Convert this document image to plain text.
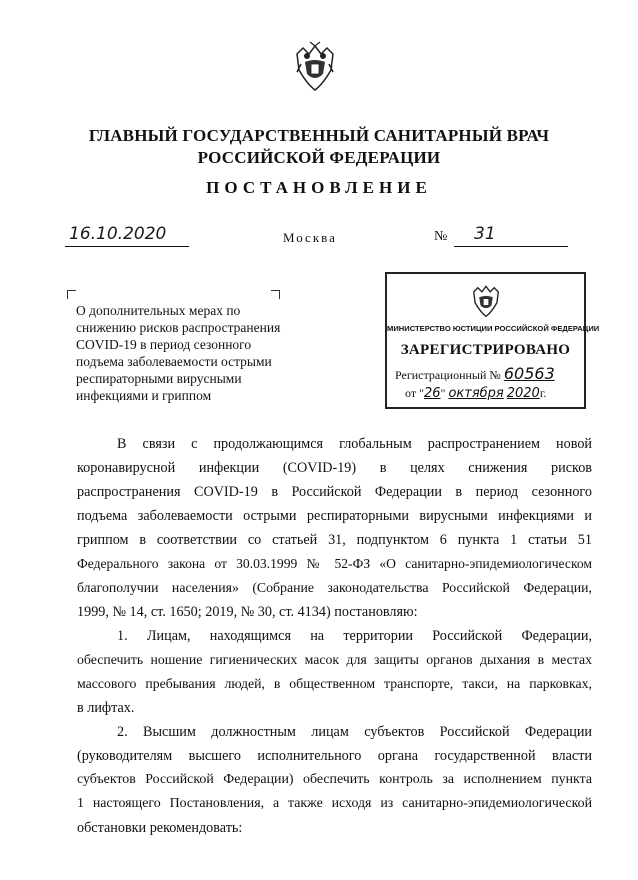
ГЛАВНЫЙ ГОСУДАРСТВЕННЫЙ САНИТАРНЫЙ ВРАЧ
РОССИЙСКОЙ ФЕДЕРАЦИИ
ПОСТАНОВЛЕНИЕ
16.10.2020	Москва	№ 31
О дополнительных мерах по
снижению рисков распространения
COVID-19 в период сезонного
подъема заболеваемости острыми
респираторными вирусными
инфекциями и гриппом
МИНИСТЕРСТВО ЮСТИЦИИ РОССИЙСКОЙ ФЕДЕРАЦИИ
ЗАРЕГИСТРИРОВАНО
Регистрационный № 60563
от "26" октября 2020г.
В связи с продолжающимся глобальным распространением новой
коронавирусной инфекции (COVID-19) в целях снижения рисков
распространения COVID-19 в Российской Федерации в период сезонного
подъема заболеваемости острыми респираторными вирусными инфекциями и
гриппом в соответствии со статьей 31, подпунктом 6 пункта 1 статьи 51
Федерального закона от 30.03.1999 № 52-ФЗ «О санитарно-эпидемиологическом
благополучии населения» (Собрание законодательства Российской Федерации,
1999, № 14, ст. 1650; 2019, № 30, ст. 4134) постановляю:
1. Лицам, находящимся на территории Российской Федерации,
обеспечить ношение гигиенических масок для защиты органов дыхания в местах
массового пребывания людей, в общественном транспорте, такси, на парковках,
в лифтах.
2. Высшим должностным лицам субъектов Российской Федерации
(руководителям высшего исполнительного органа государственной власти
субъектов Российской Федерации) обеспечить контроль за исполнением пункта
1 настоящего Постановления, а также исходя из санитарно-эпидемиологической
обстановки рекомендовать:
